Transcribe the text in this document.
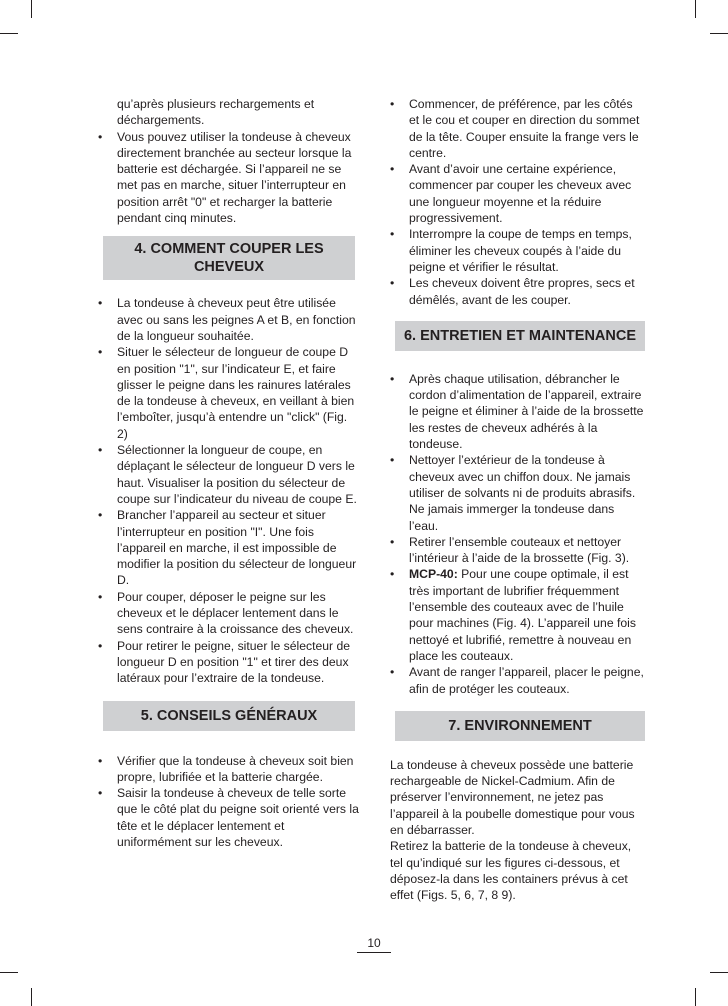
qu’après plusieurs rechargements et déchargements.

• Vous pouvez utiliser la tondeuse à cheveux directement branchée au secteur lorsque la batterie est déchargée. Si l’appareil ne se met pas en marche, situer l’interrupteur en position arrêt "0" et recharger la batterie pendant cinq minutes.

4. COMMENT COUPER LES
CHEVEUX

• La tondeuse à cheveux peut être utilisée avec ou sans les peignes A et B, en fonction de la longueur souhaitée.

• Situer le sélecteur de longueur de coupe D en position "1", sur l’indicateur E, et faire glisser le peigne dans les rainures latérales de la tondeuse à cheveux, en veillant à bien l’emboîter, jusqu’à entendre un "click" (Fig. 2)

• Sélectionner la longueur de coupe, en déplaçant le sélecteur de longueur D vers le haut. Visualiser la position du sélecteur de coupe sur l’indicateur du niveau de coupe E.

• Brancher l’appareil au secteur et situer l’interrupteur en position "I". Une fois l’appareil en marche, il est impossible de modifier la position du sélecteur de longueur D.

• Pour couper, déposer le peigne sur les cheveux et le déplacer lentement dans le sens contraire à la croissance des cheveux.

• Pour retirer le peigne, situer le sélecteur de longueur D en position "1" et tirer des deux latéraux pour l’extraire de la tondeuse.

5. CONSEILS GÉNÉRAUX

• Vérifier que la tondeuse à cheveux soit bien propre, lubrifiée et la batterie chargée.

• Saisir la tondeuse à cheveux de telle sorte que le côté plat du peigne soit orienté vers la tête et le déplacer lentement et uniformément sur les cheveux.

• Commencer, de préférence, par les côtés et le cou et couper en direction du sommet de la tête. Couper ensuite la frange vers le centre.

• Avant d’avoir une certaine expérience, commencer par couper les cheveux avec une longueur moyenne et la réduire progressivement.

• Interrompre la coupe de temps en temps, éliminer les cheveux coupés à l’aide du peigne et vérifier le résultat.

• Les cheveux doivent être propres, secs et démêlés, avant de les couper.

6. ENTRETIEN ET MAINTENANCE

• Après chaque utilisation, débrancher le cordon d’alimentation de l’appareil, extraire le peigne et éliminer à l’aide de la brossette les restes de cheveux adhérés à la tondeuse.

• Nettoyer l’extérieur de la tondeuse à cheveux avec un chiffon doux. Ne jamais utiliser de solvants ni de produits abrasifs. Ne jamais immerger la tondeuse dans l’eau.

• Retirer l’ensemble couteaux et nettoyer l’intérieur à l’aide de la brossette (Fig. 3).

• MCP-40: Pour une coupe optimale, il est très important de lubrifier fréquemment l’ensemble des couteaux avec de l’huile pour machines (Fig. 4). L’appareil une fois nettoyé et lubrifié, remettre à nouveau en place les couteaux.

• Avant de ranger l’appareil, placer le peigne, afin de protéger les couteaux.

7. ENVIRONNEMENT

La tondeuse à cheveux possède une batterie rechargeable de Nickel-Cadmium. Afin de préserver l’environnement, ne jetez pas l’appareil à la poubelle domestique pour vous en débarrasser.

Retirez la batterie de la tondeuse à cheveux, tel qu’indiqué sur les figures ci-dessous, et déposez-la dans les containers prévus à cet effet (Figs. 5, 6, 7, 8 9).

10
